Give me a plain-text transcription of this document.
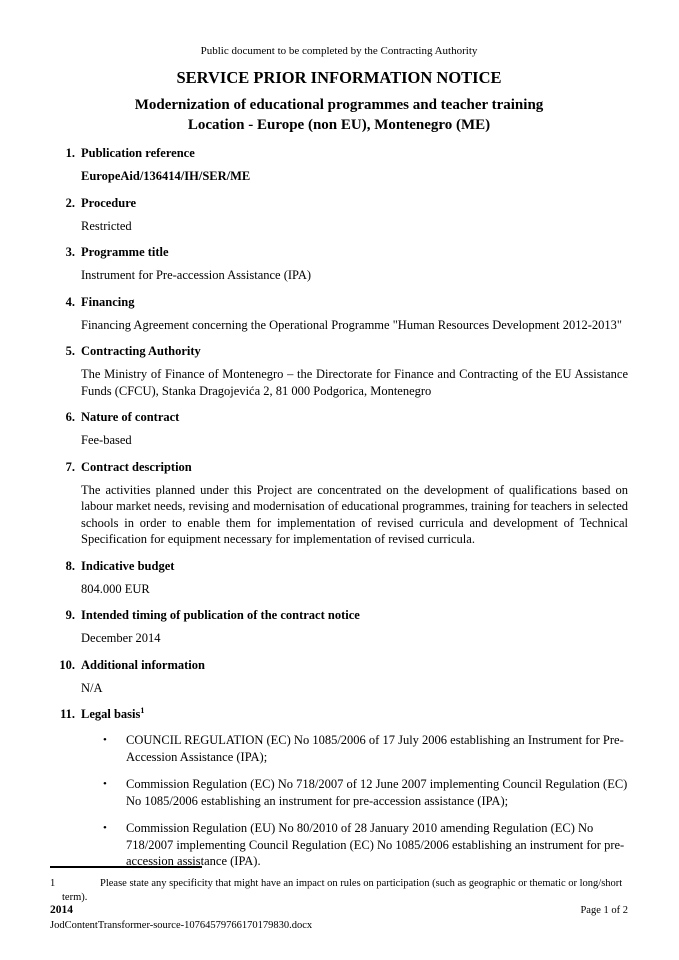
Public document to be completed by the Contracting Authority
SERVICE PRIOR INFORMATION NOTICE
Modernization of educational programmes and teacher training
Location - Europe (non EU), Montenegro (ME)
1. Publication reference
EuropeAid/136414/IH/SER/ME
2. Procedure
Restricted
3. Programme title
Instrument for Pre-accession Assistance (IPA)
4. Financing
Financing Agreement concerning the Operational Programme "Human Resources Development 2012-2013"
5. Contracting Authority
The Ministry of Finance of Montenegro – the Directorate for Finance and Contracting of the EU Assistance Funds (CFCU), Stanka Dragojevića 2, 81 000 Podgorica, Montenegro
6. Nature of contract
Fee-based
7. Contract description
The activities planned under this Project are concentrated on the development of qualifications based on labour market needs, revising and modernisation of educational programmes, training for teachers in selected schools in order to enable them for implementation of revised curricula and development of Technical Specification for equipment necessary for implementation of revised curricula.
8. Indicative budget
804.000 EUR
9. Intended timing of publication of the contract notice
December 2014
10. Additional information
N/A
11. Legal basis$^1$
• COUNCIL REGULATION (EC) No 1085/2006 of 17 July 2006 establishing an Instrument for Pre-Accession Assistance (IPA);
• Commission Regulation (EC) No 718/2007 of 12 June 2007 implementing Council Regulation (EC) No 1085/2006 establishing an instrument for pre-accession assistance (IPA);
• Commission Regulation (EU) No 80/2010 of 28 January 2010 amending Regulation (EC) No 718/2007 implementing Council Regulation (EC) No 1085/2006 establishing an instrument for pre-accession assistance (IPA).
1	Please state any specificity that might have an impact on rules on participation (such as geographic or thematic or long/short term).
2014	Page 1 of 2
JodContentTransformer-source-10764579766170179830.docx
